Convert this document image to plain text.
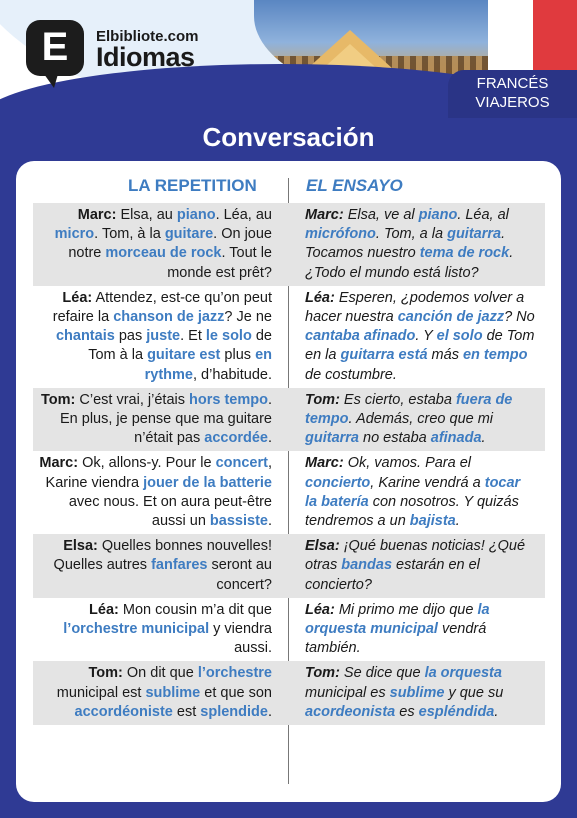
E	Elbibliote.com
Idiomas
FRANCÉS
VIAJEROS
Conversación
LA REPETITION	EL ENSAYO
Marc: Elsa, au piano. Léa, au micro. Tom, à la guitare. On joue notre morceau de rock. Tout le monde est prêt?
Marc: Elsa, ve al piano. Léa, al micrófono. Tom, a la guitarra. Tocamos nuestro tema de rock. ¿Todo el mundo está listo?
Léa: Attendez, est-ce qu’on peut refaire la chanson de jazz? Je ne chantais pas juste. Et le solo de Tom à la guitare est plus en rythme, d’habitude.
Léa: Esperen, ¿podemos volver a hacer nuestra canción de jazz? No cantaba afinado. Y el solo de Tom en la guitarra está más en tempo de costumbre.
Tom: C’est vrai, j’étais hors tempo. En plus, je pense que ma guitare n’était pas accordée.
Tom: Es cierto, estaba fuera de tempo. Además, creo que mi guitarra no estaba afinada.
Marc: Ok, allons-y. Pour le concert, Karine viendra jouer de la batterie avec nous. Et on aura peut-être aussi un bassiste.
Marc: Ok, vamos. Para el concierto, Karine vendrá a tocar la batería con nosotros. Y quizás tendremos a un bajista.
Elsa: Quelles bonnes nouvelles! Quelles autres fanfares seront au concert?
Elsa: ¡Qué buenas noticias! ¿Qué otras bandas estarán en el concierto?
Léa: Mon cousin m’a dit que l’orchestre municipal y viendra aussi.
Léa: Mi primo me dijo que la orquesta municipal vendrá también.
Tom: On dit que l’orchestre municipal est sublime et que son accordéoniste est splendide.
Tom: Se dice que la orquesta municipal es sublime y que su acordeonista es espléndida.
